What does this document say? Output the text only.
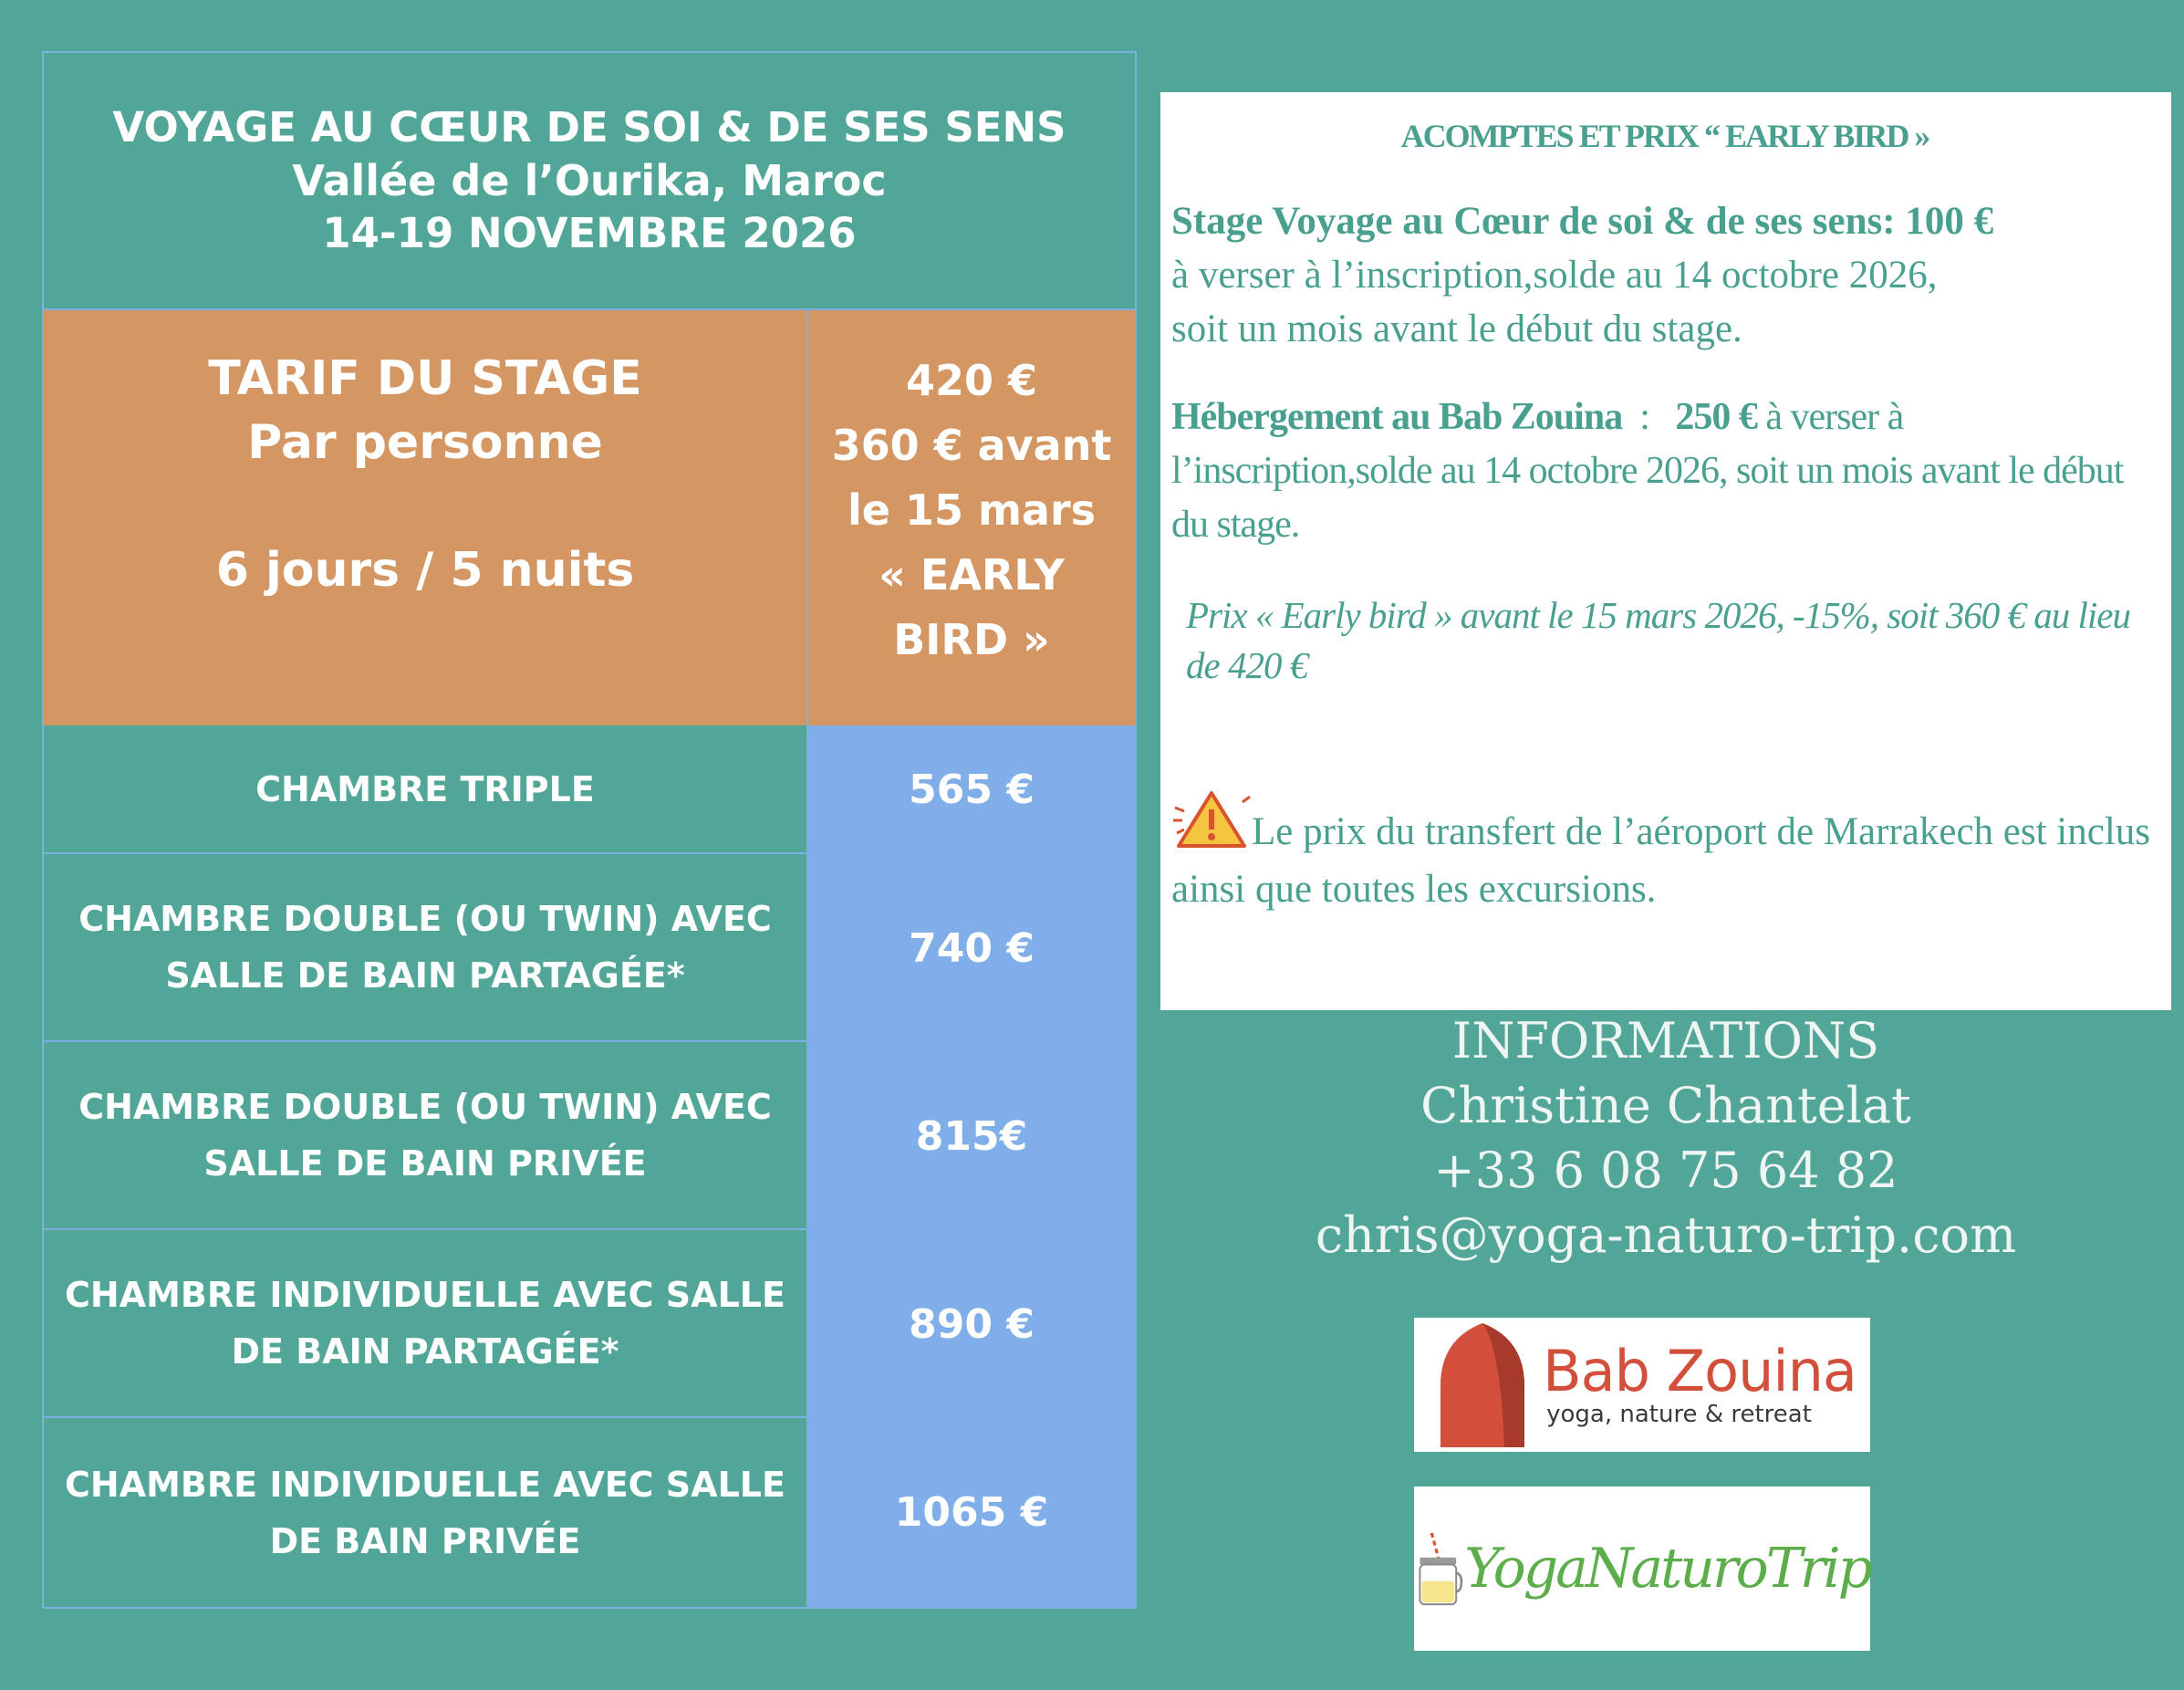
VOYAGE AU CŒUR DE SOI & DE SES SENS
Vallée de l’Ourika, Maroc
14-19 NOVEMBRE 2026
TARIF DU STAGE
Par personne
6 jours / 5 nuits
420 €
360 € avant
le 15 mars
« EARLY
BIRD »
CHAMBRE TRIPLE	565 €
CHAMBRE DOUBLE (OU TWIN) AVEC
SALLE DE BAIN PARTAGÉE*
740 €
CHAMBRE DOUBLE (OU TWIN) AVEC
SALLE DE BAIN PRIVÉE
815€
CHAMBRE INDIVIDUELLE AVEC SALLE
DE BAIN PARTAGÉE*
890 €
CHAMBRE INDIVIDUELLE AVEC SALLE
DE BAIN PRIVÉE
1065 €

ACOMPTES ET PRIX “ EARLY BIRD »

Stage Voyage au Cœur de soi & de ses sens: 100 €
à verser à l’inscription,solde au 14 octobre 2026,
soit un mois avant le début du stage.

Hébergement au Bab Zouina  :   250 € à verser à l’inscription,solde au 14 octobre 2026, soit un mois avant le début du stage.

Prix « Early bird » avant le 15 mars 2026, -15%, soit 360 € au lieu de 420 €

Le prix du transfert de l’aéroport de Marrakech est inclus ainsi que toutes les excursions.

INFORMATIONS
Christine Chantelat
+33 6 08 75 64 82
chris@yoga-naturo-trip.com
Bab Zouina
yoga, nature & retreat
YogaNaturoTrip
